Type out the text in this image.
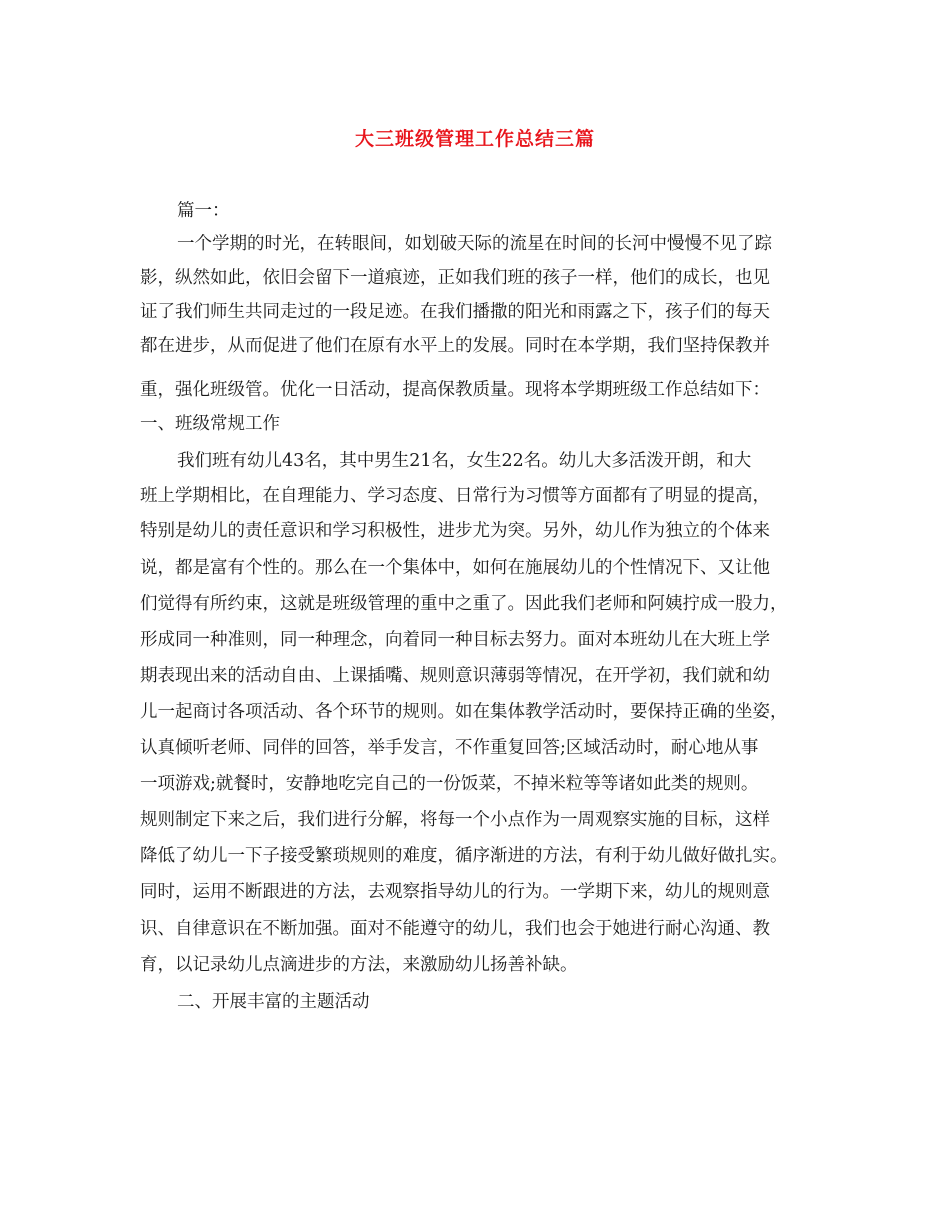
大三班级管理工作总结三篇
篇一：
一个学期的时光，在转眼间，如划破天际的流星在时间的长河中慢慢不见了踪
影，纵然如此，依旧会留下一道痕迹，正如我们班的孩子一样，他们的成长，也见
证了我们师生共同走过的一段足迹。在我们播撒的阳光和雨露之下，孩子们的每天
都在进步，从而促进了他们在原有水平上的发展。同时在本学期，我们坚持保教并
重，强化班级管。优化一日活动，提高保教质量。现将本学期班级工作总结如下：
一、班级常规工作
我们班有幼儿43名，其中男生21名，女生22名。幼儿大多活泼开朗，和大
班上学期相比，在自理能力、学习态度、日常行为习惯等方面都有了明显的提高，
特别是幼儿的责任意识和学习积极性，进步尤为突。另外，幼儿作为独立的个体来
说，都是富有个性的。那么在一个集体中，如何在施展幼儿的个性情况下、又让他
们觉得有所约束，这就是班级管理的重中之重了。因此我们老师和阿姨拧成一股力，
形成同一种准则，同一种理念，向着同一种目标去努力。面对本班幼儿在大班上学
期表现出来的活动自由、上课插嘴、规则意识薄弱等情况，在开学初，我们就和幼
儿一起商讨各项活动、各个环节的规则。如在集体教学活动时，要保持正确的坐姿，
认真倾听老师、同伴的回答，举手发言，不作重复回答;区域活动时，耐心地从事
一项游戏;就餐时，安静地吃完自己的一份饭菜，不掉米粒等等诸如此类的规则。
规则制定下来之后，我们进行分解，将每一个小点作为一周观察实施的目标，这样
降低了幼儿一下子接受繁琐规则的难度，循序渐进的方法，有利于幼儿做好做扎实。
同时，运用不断跟进的方法，去观察指导幼儿的行为。一学期下来，幼儿的规则意
识、自律意识在不断加强。面对不能遵守的幼儿，我们也会于她进行耐心沟通、教
育，以记录幼儿点滴进步的方法，来激励幼儿扬善补缺。
二、开展丰富的主题活动
